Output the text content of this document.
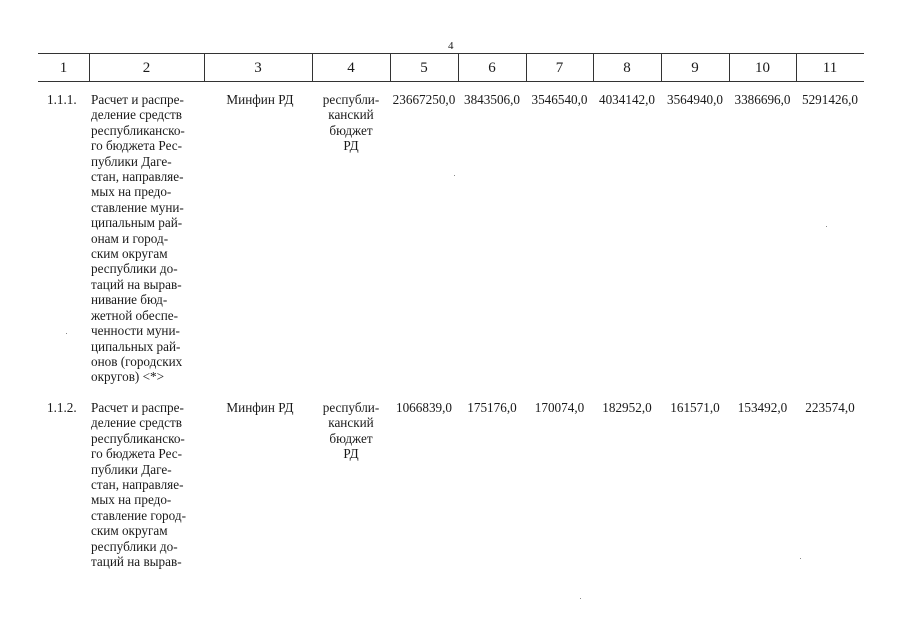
4
1	2	3	4	5	6	7	8	9	10	11
1.1.1. Расчет и распре-
деление средств
республиканско-
го бюджета Рес-
публики Даге-
стан, направляе-
мых на предо-
ставление муни-
ципальным рай-
онам и город-
ским округам
республики до-
таций на вырав-
нивание бюд-
жетной обеспе-
ченности муни-
ципальных рай-
онов (городских
округов) <*>
Минфин РД	республи-
канский
бюджет
РД
23667250,0 3843506,0 3546540,0 4034142,0 3564940,0 3386696,0 5291426,0
1.1.2. Расчет и распре-
деление средств
республиканско-
го бюджета Рес-
публики Даге-
стан, направляе-
мых на предо-
ставление город-
ским округам
республики до-
таций на вырав-
Минфин РД	республи-
канский
бюджет
РД
1066839,0	175176,0	170074,0	182952,0	161571,0	153492,0	223574,0
